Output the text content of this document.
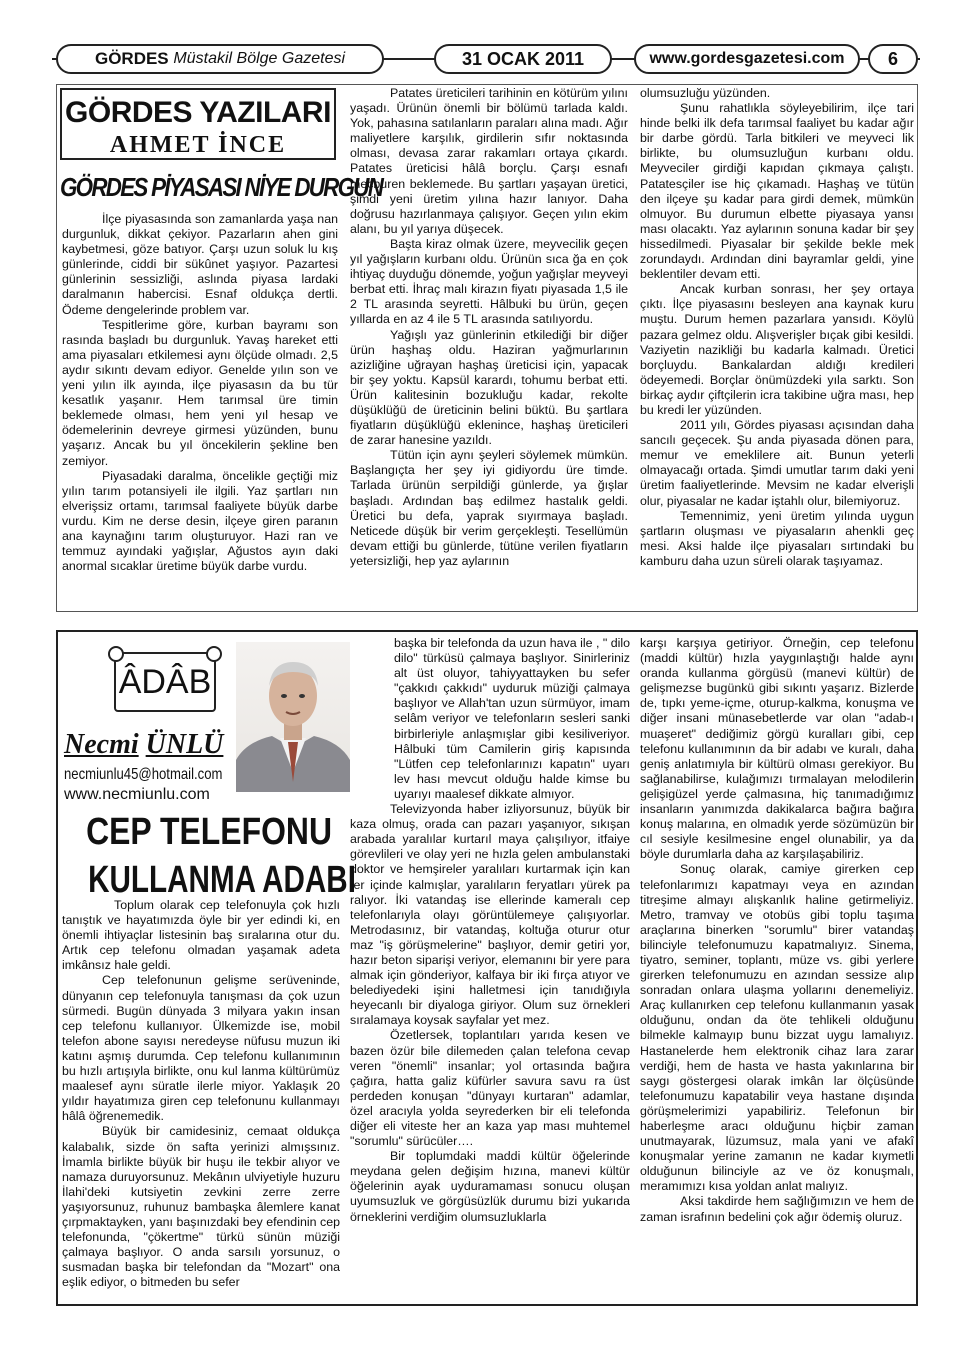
GÖRDES
Müstakil Bölge Gazetesi	31 OCAK 2011	www.gordesgazetesi.com 6
GÖRDES YAZILARI
AHMET İNCE
GÖRDES PİYASASI NİYE DURGUN

İlçe piyasasında son zamanlarda yaşa nan durgunluk, dikkat çekiyor. Pazarların ahen gini kaybetmesi, göze batıyor. Çarşı uzun soluk lu kış günlerinde, ciddi bir sükûnet yaşıyor. Pazartesi günlerinin sessizliği, aslında piyasa lardaki daralmanın habercisi. Esnaf oldukça dertli. Ödeme dengelerinde problem var.

Tespitlerime göre, kurban bayramı son rasında başladı bu durgunluk. Yavaş hareket etti ama piyasaları etkilemesi aynı ölçüde olmadı. 2,5 aydır sıkıntı devam ediyor. Genelde yılın son ve yeni yılın ilk ayında, ilçe piyasasın da bu tür kesatlık yaşanır. Hem tarımsal üre timin beklemede olması, hem yeni yıl hesap ve ödemelerinin devreye girmesi yüzünden, bunu yaşarız. Ancak bu yıl öncekilerin şekline ben zemiyor.

Piyasadaki daralma, öncelikle geçtiği miz yılın tarım potansiyeli ile ilgili. Yaz şartları nın elverişsiz ortamı, tarımsal faaliyete büyük darbe vurdu. Kim ne derse desin, ilçeye giren paranın ana kaynağını tarım oluşturuyor. Hazi ran ve temmuz ayındaki yağışlar, Ağustos ayın daki anormal sıcaklar üretime büyük darbe vurdu.

Patates üreticileri tarihinin en kötürüm yılını yaşadı. Ürünün önemli bir bölümü tarlada kaldı. Yok, pahasına satılanların paraları alına madı. Ağır maliyetlere karşılık, girdilerin sıfır noktasında olması, devasa zarar rakamları ortaya çıkardı. Patates üreticisi hâlâ borçlu. Çarşı esnafı mecburen beklemede. Bu şartları yaşayan üretici, şimdi yeni üretim yılına hazır lanıyor. Daha doğrusu hazırlanmaya çalışıyor. Geçen yılın ekim alanı, bu yıl yarıya düşecek.

Başta kiraz olmak üzere, meyvecilik geçen yıl yağışların kurbanı oldu. Ürünün sıca ğa en çok ihtiyaç duyduğu dönemde, yoğun yağışlar meyveyi berbat etti. İhraç malı kirazın fiyatı piyasada 1,5 ile 2 TL arasında seyretti. Hâlbuki bu ürün, geçen yıllarda en az 4 ile 5 TL arasında satılıyordu.

Yağışlı yaz günlerinin etkilediği bir diğer ürün haşhaş oldu. Haziran yağmurlarının azizliğine uğrayan haşhaş üreticisi için, yapacak bir şey yoktu. Kapsül karardı, tohumu berbat etti. Ürün kalitesinin bozukluğu kadar, rekolte düşüklüğü de üreticinin belini büktü. Bu şartlara fiyatların düşüklüğü eklenince, haşhaş üreticileri de zarar hanesine yazıldı.

Tütün için aynı şeyleri söylemek mümkün. Başlangıçta her şey iyi gidiyordu üre timde. Tarlada ürünün serpildiği günlerde, ya ğışlar başladı. Ardından baş edilmez hastalık geldi. Üretici bu defa, yaprak sıyırmaya başladı. Neticede düşük bir verim gerçekleşti. Tesellümün devam ettiği bu günlerde, tütüne verilen fiyatların yetersizliği, hep yaz aylarının

olumsuzluğu yüzünden.

Şunu rahatlıkla söyleyebilirim, ilçe tari hinde belki ilk defa tarımsal faaliyet bu kadar ağır bir darbe gördü. Tarla bitkileri ve meyveci lik birlikte, bu olumsuzluğun kurbanı oldu. Meyveciler girdiği kapıdan çıkmaya çalıştı. Patatesçiler ise hiç çıkamadı. Haşhaş ve tütün den ilçeye şu kadar para girdi demek, mümkün olmuyor. Bu durumun elbette piyasaya yansı ması olacaktı. Yaz aylarının sonuna kadar bir şey hissedilmedi. Piyasalar bir şekilde bekle mek zorundaydı. Ardından dini bayramlar geldi, yine beklentiler devam etti.

Ancak kurban sonrası, her şey ortaya çıktı. İlçe piyasasını besleyen ana kaynak kuru muştu. Durum hemen pazarlara yansıdı. Köylü pazara gelmez oldu. Alışverişler bıçak gibi kesildi. Vaziyetin nazikliği bu kadarla kalmadı. Üretici borçluydu. Bankalardan aldığı kredileri ödeyemedi. Borçlar önümüzdeki yıla sarktı. Son birkaç aydır çiftçilerin icra takibine uğra ması, hep bu kredi ler yüzünden.

2011 yılı, Gördes piyasası açısından daha sancılı geçecek. Şu anda piyasada dönen para, memur ve emeklilere ait. Bunun yeterli olmayacağı ortada. Şimdi umutlar tarım daki yeni üretim faaliyetlerinde. Mevsim ne kadar elverişli olur, piyasalar ne kadar iştahlı olur, bilemiyoruz.

Temennimiz, yeni üretim yılında uygun şartların oluşması ve piyasaların ahenkli geç mesi. Aksi halde ilçe piyasaları sırtındaki bu kamburu daha uzun süreli olarak taşıyamaz.

ÂDÂB
Necmi ÜNLÜ
necmiunlu45@hotmail.com
www.necmiunlu.com
CEP TELEFONU
KULLANMA ADABI

Toplum olarak cep telefonuyla çok hızlı tanıştık ve hayatımızda öyle bir yer edindi ki, en önemli ihtiyaçlar listesinin baş sıralarına otur du. Artık cep telefonu olmadan yaşamak adeta imkânsız hale geldi.

Cep telefonunun gelişme serüveninde, dünyanın cep telefonuyla tanışması da çok uzun sürmedi. Bugün dünyada 3 milyara yakın insan cep telefonu kullanıyor. Ülkemizde ise, mobil telefon abone sayısı neredeyse nüfusu muzun iki katını aşmış durumda. Cep telefonu kullanımının bu hızlı artışıyla birlikte, onu kul lanma kültürümüz maalesef aynı süratle ilerle miyor. Yaklaşık 20 yıldır hayatımıza giren cep telefonunu kullanmayı hâlâ öğrenemedik.

Büyük bir camidesiniz, cemaat oldukça kalabalık, sizde ön safta yerinizi almışsınız. İmamla birlikte büyük bir huşu ile tekbir alıyor ve namaza duruyorsunuz. Mekânın ulviyetiyle huzuru İlahi'deki kutsiyetin zevkini zerre zerre yaşıyorsunuz, ruhunuz bambaşka âlemlere kanat çırpmaktayken, yanı başınızdaki bey efendinin cep telefonunda, "çökertme" türkü sünün müziği çalmaya başlıyor. O anda sarsılı yorsunuz, o susmadan başka bir telefondan da "Mozart" ona eşlik ediyor, o bitmeden bu sefer

başka bir telefonda da uzun hava ile , " dilo dilo" türküsü çalmaya başlıyor. Sinirleriniz alt üst oluyor, tahiyyattayken bu sefer "çakkıdı çakkıdı" uyduruk müziği çalmaya başlıyor ve Allah'tan uzun sürmüyor, imam selâm veriyor ve telefonların sesleri sanki birbirleriyle anlaşmışlar gibi kesiliveriyor. Hâlbuki tüm Camilerin giriş kapısında "Lütfen cep telefonlarınızı kapatın" uyarı lev hası mevcut olduğu halde kimse bu uyarıyı maalesef dikkate almıyor.

Televizyonda haber izliyorsunuz, büyük bir kaza olmuş, orada can pazarı yaşanıyor, sıkışan arabada yaralılar kurtarıl maya çalışılıyor, itfaiye görevlileri ve olay yeri ne hızla gelen ambulanstaki doktor ve hemşireler yaralıları kurtarmak için kan ter içinde kalmışlar, yaralıların feryatları yürek pa ralıyor. İki vatandaş ise ellerinde kameralı cep telefonlarıyla olayı görüntülemeye çalışıyorlar. Metrodasınız, bir vatandaş, koltuğa oturur otur maz "iş görüşmelerine" başlıyor, demir getiri yor, hazır beton siparişi veriyor, elemanını bir yere para almak için gönderiyor, kalfaya bir iki fırça atıyor ve belediyedeki işini halletmesi için tanıdığıyla heyecanlı bir diyaloga giriyor. Olum suz örnekleri sıralamaya koysak sayfalar yet mez.

Özetlersek, toplantıları yarıda kesen ve bazen özür bile dilemeden çalan telefona cevap veren "önemli" insanlar; yol ortasında bağıra çağıra, hatta galiz küfürler savura savu ra üst perdeden konuşan "dünyayı kurtaran" adamlar, özel aracıyla yolda seyrederken bir eli telefonda diğer eli viteste her an kaza yap ması muhtemel "sorumlu" sürücüler….

Bir toplumdaki maddi kültür öğelerinde meydana gelen değişim hızına, manevi kültür öğelerinin ayak uyduramaması sonucu oluşan uyumsuzluk ve görgüsüzlük durumu bizi yukarıda örneklerini verdiğim olumsuzluklarla

karşı karşıya getiriyor. Örneğin, cep telefonu (maddi kültür) hızla yaygınlaştığı halde aynı oranda kullanma görgüsü (manevi kültür) de gelişmezse bugünkü gibi sıkıntı yaşarız. Bizlerde de, tıpkı yeme-içme, oturup-kalkma, konuşma ve diğer insani münasebetlerde var olan "adab-ı muaşeret" dediğimiz görgü kuralları gibi, cep telefonu kullanımının da bir adabı ve kuralı, daha geniş anlatımıyla bir kültürü olması gerekiyor. Bu sağlanabilirse, kulağımızı tırmalayan melodilerin gelişigüzel yerde çalmasına, hiç tanımadığımız insanların yanımızda dakikalarca bağıra bağıra konuş malarına, en olmadık yerde sözümüzün bir cıl sesiyle kesilmesine engel olunabilir, ya da böyle durumlarla daha az karşılaşabiliriz.

Sonuç olarak, camiye girerken cep telefonlarımızı kapatmayı veya en azından titreşime almayı alışkanlık haline getirmeliyiz. Metro, tramvay ve otobüs gibi toplu taşıma araçlarına binerken "sorumlu" birer vatandaş bilinciyle telefonumuzu kapatmalıyız. Sinema, tiyatro, seminer, toplantı, müze vs. gibi yerlere girerken telefonumuzu en azından sessize alıp sonradan onlara ulaşma yollarını denemeliyiz. Araç kullanırken cep telefonu kullanmanın yasak olduğunu, ondan da öte tehlikeli olduğunu bilmekle kalmayıp bunu bizzat uygu lamalıyız. Hastanelerde hem elektronik cihaz lara zarar verdiği, hem de hasta ve hasta yakınlarına bir saygı göstergesi olarak imkân lar ölçüsünde telefonumuzu kapatabilir veya hastane dışında görüşmelerimizi yapabiliriz. Telefonun bir haberleşme aracı olduğunu hiçbir zaman unutmayarak, lüzumsuz, mala yani ve afakî konuşmalar yerine zamanın ne kadar kıymetli olduğunun bilinciyle az ve öz konuşmalı, meramımızı kısa yoldan anlat malıyız.

Aksi takdirde hem sağlığımızın ve hem de zaman israfının bedelini çok ağır ödemiş oluruz.
